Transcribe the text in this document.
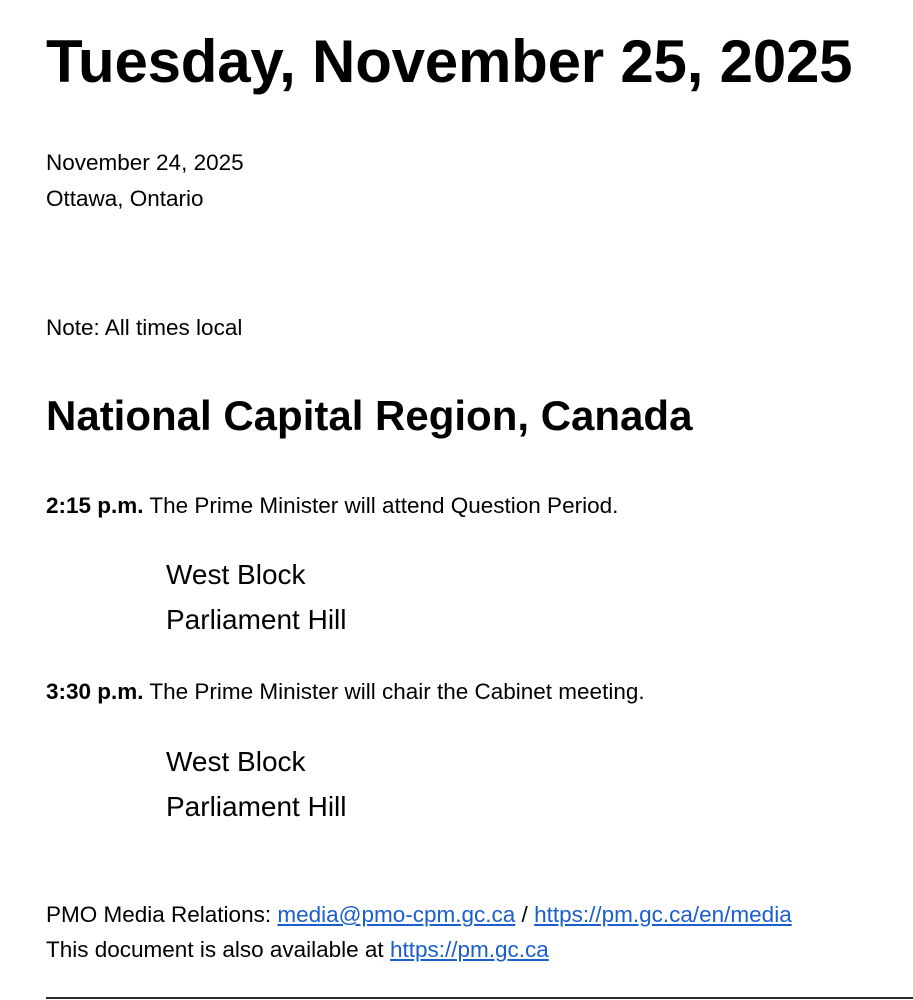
Tuesday, November 25, 2025
November 24, 2025
Ottawa, Ontario
Note: All times local
National Capital Region, Canada
2:15 p.m. The Prime Minister will attend Question Period.
West Block
Parliament Hill
3:30 p.m. The Prime Minister will chair the Cabinet meeting.
West Block
Parliament Hill
PMO Media Relations: media@pmo-cpm.gc.ca / https://pm.gc.ca/en/media
This document is also available at https://pm.gc.ca
